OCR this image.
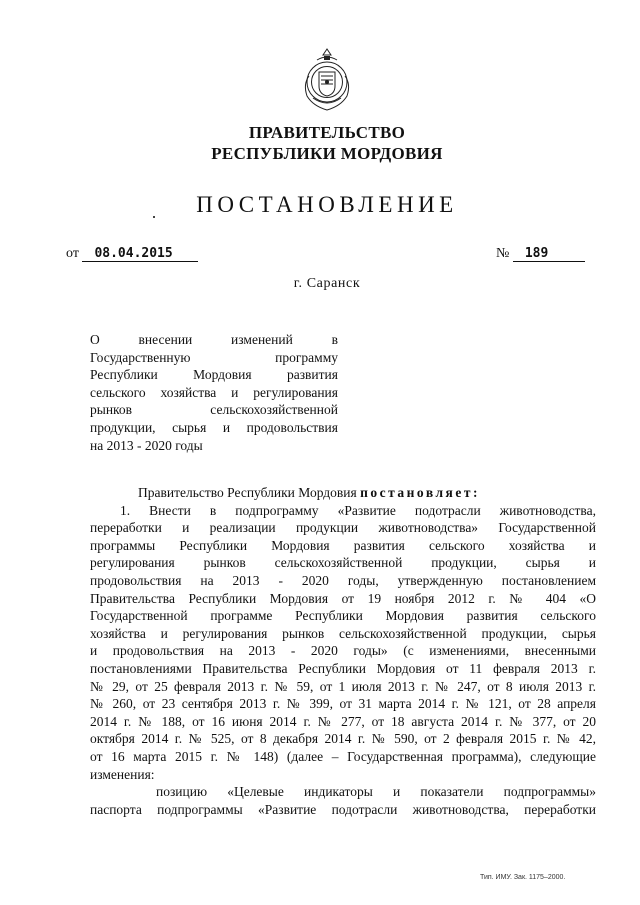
ПРАВИТЕЛЬСТВО
РЕСПУБЛИКИ МОРДОВИЯ
ПОСТАНОВЛЕНИЕ
от 08.04.2015	№ 189
г. Саранск
О внесении изменений в
Государственную программу
Республики Мордовия развития
сельского хозяйства и регулирования
рынков сельскохозяйственной
продукции, сырья и продовольствия
на 2013 - 2020 годы
Правительство Республики Мордовия постановляет:
1. Внести в подпрограмму «Развитие подотрасли животноводства,
переработки и реализации продукции животноводства» Государственной
программы Республики Мордовия развития сельского хозяйства и
регулирования рынков сельскохозяйственной продукции, сырья и
продовольствия на 2013 - 2020 годы, утвержденную постановлением
Правительства Республики Мордовия от 19 ноября 2012 г. № 404 «О
Государственной программе Республики Мордовия развития сельского
хозяйства и регулирования рынков сельскохозяйственной продукции, сырья
и продовольствия на 2013 - 2020 годы» (с изменениями, внесенными
постановлениями Правительства Республики Мордовия от 11 февраля 2013 г.
№ 29, от 25 февраля 2013 г. № 59, от 1 июля 2013 г. № 247, от 8 июля 2013 г.
№ 260, от 23 сентября 2013 г. № 399, от 31 марта 2014 г. № 121, от 28 апреля
2014 г. № 188, от 16 июня 2014 г. № 277, от 18 августа 2014 г. № 377, от 20
октября 2014 г. № 525, от 8 декабря 2014 г. № 590, от 2 февраля 2015 г. № 42,
от 16 марта 2015 г. № 148) (далее – Государственная программа), следующие
изменения:
позицию «Целевые индикаторы и показатели подпрограммы»
паспорта подпрограммы «Развитие подотрасли животноводства, переработки
Тип. ИМУ. Зак. 1175–2000.
